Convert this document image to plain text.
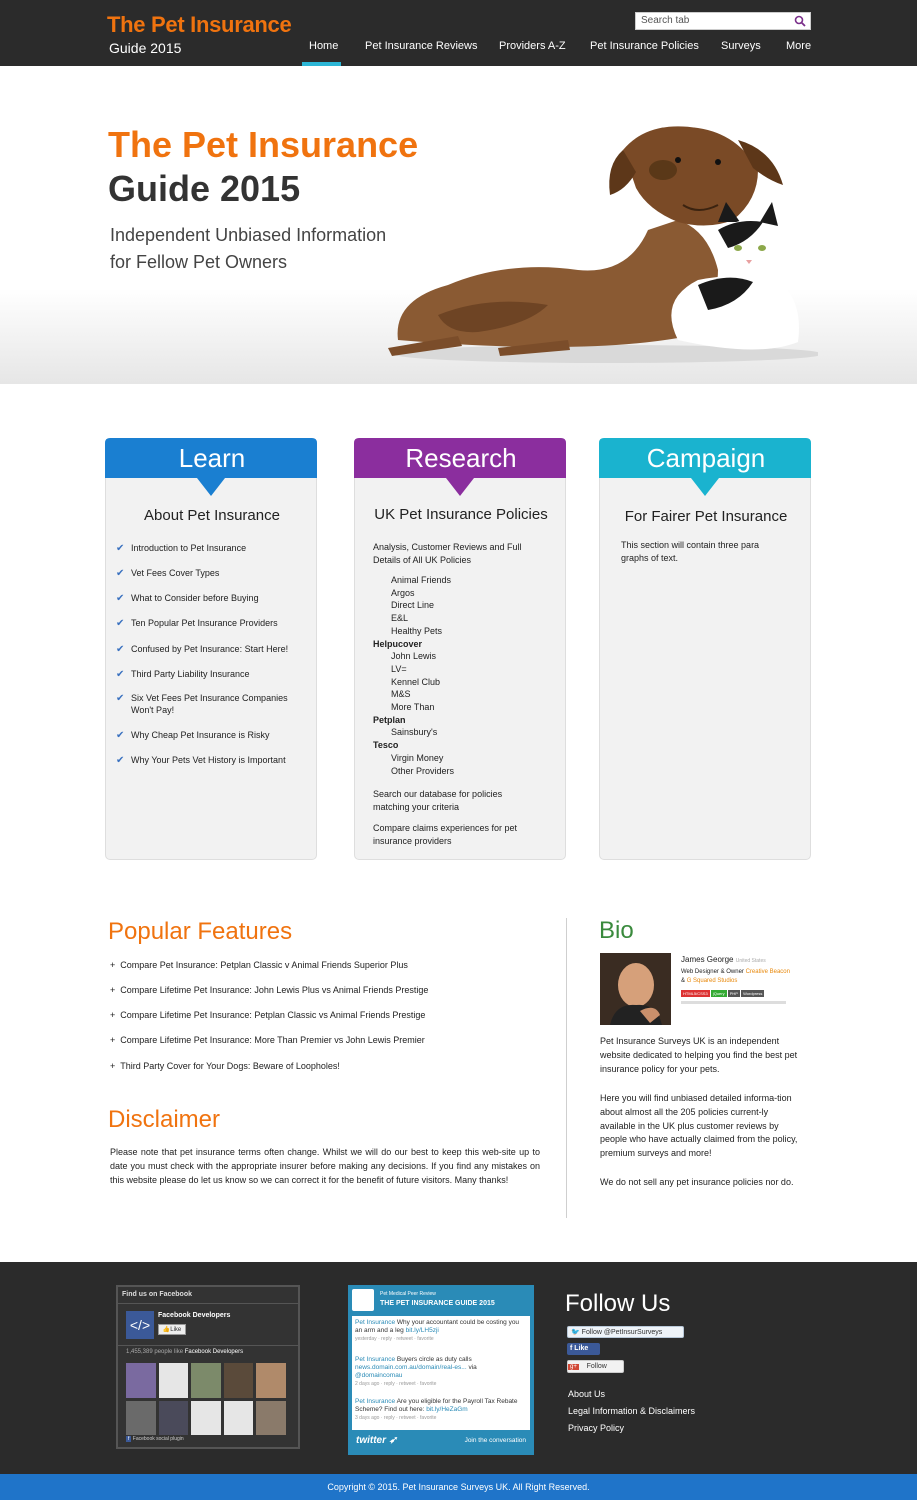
The Pet Insurance
Guide 2015
Search tab
Home Pet Insurance Reviews Providers A-Z Pet Insurance Policies Surveys More
The Pet Insurance
Guide 2015
Independent Unbiased Information
for Fellow Pet Owners
Learn
About Pet Insurance
✔ Introduction to Pet Insurance
✔ Vet Fees Cover Types
✔ What to Consider before Buying
✔ Ten Popular Pet Insurance Providers
✔ Confused by Pet Insurance: Start Here!
✔ Third Party Liability Insurance
✔ Six Vet Fees Pet Insurance Companies
Won't Pay!
✔ Why Cheap Pet Insurance is Risky
✔ Why Your Pets Vet History is Important
Research
UK Pet Insurance Policies
Analysis, Customer Reviews and Full
Details of All UK Policies
Animal Friends
Argos
Direct Line
E&L
Healthy Pets
Helpucover
John Lewis
LV=
Kennel Club
M&S
More Than
Petplan
Sainsbury's
Tesco
Virgin Money
Other Providers
Search our database for policies
matching your criteria
Compare claims experiences for pet
insurance providers
Campaign
For Fairer Pet Insurance
This section will contain three para
graphs of text.
Popular Features
+  Compare Pet Insurance: Petplan Classic v Animal Friends Superior Plus
+  Compare Lifetime Pet Insurance: John Lewis Plus vs Animal Friends Prestige
+  Compare Lifetime Pet Insurance: Petplan Classic vs Animal Friends Prestige
+  Compare Lifetime Pet Insurance: More Than Premier vs John Lewis Premier
+  Third Party Cover for Your Dogs: Beware of Loopholes!
Disclaimer
Please note that pet insurance terms often change. Whilst we will do our best to keep this web-site up to date you must check with the appropriate insurer before making any decisions. If you find any mistakes on this website please do let us know so we can correct it for the benefit of future visitors. Many thanks!
Bio
James George United States
Web Designer & Owner Creative Beacon & G Squared Studios
HTML5/CSS3 jQuery PHP Wordpress
Pet Insurance Surveys UK is an independent website dedicated to helping you find the best pet insurance policy for your pets.
Here you will find unbiased detailed informa-tion about almost all the 205 policies current-ly available in the UK plus customer reviews by people who have actually claimed from the policy, premium surveys and more!
We do not sell any pet insurance policies nor do.
Find us on Facebook
</>
Facebook Developers
👍Like
1,455,389 people like Facebook Developers
f Facebook social plugin
Pet Medical Peer Review
THE PET INSURANCE GUIDE 2015
Pet Insurance Why your accountant could be costing you an arm and a leg bit.ly/LH5zji
yesterday · reply · retweet · favorite
Pet Insurance Buyers circle as duty calls news.domain.com.au/domain/real-es... via @domaincomau
2 days ago · reply · retweet · favorite
Pet Insurance Are you eligible for the Payroll Tax Rebate Scheme? Find out here: bit.ly/HeZaGm
3 days ago · reply · retweet · favorite
twitter ➶	Join the conversation
Follow Us
🐦 Follow @PetInsurSurveys
f Like
g+ Follow
About Us
Legal Information & Disclaimers
Privacy Policy
Copyright © 2015. Pet Insurance Surveys UK. All Right Reserved.
